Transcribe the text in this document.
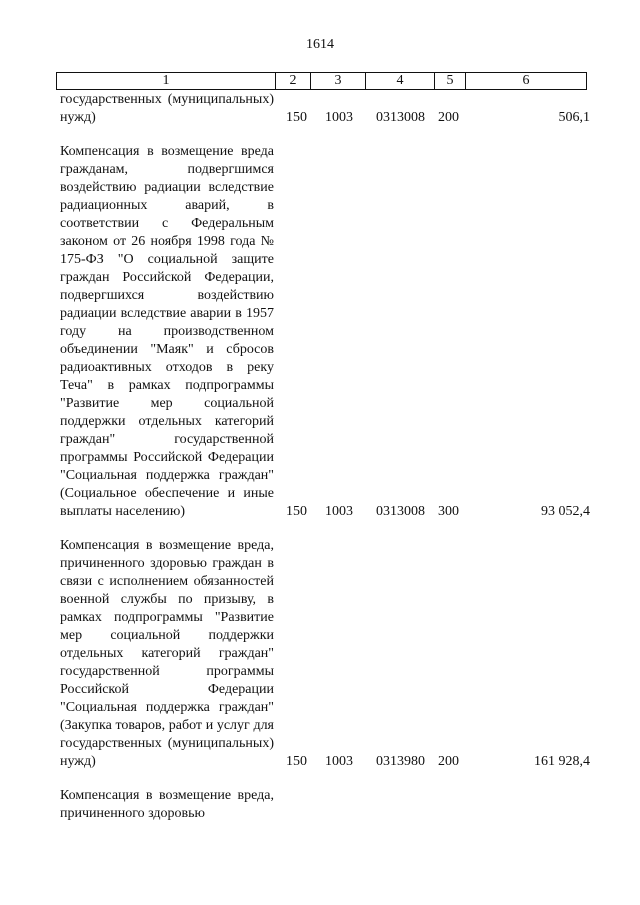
1614
1	2	3	4	5	6
государственных (муниципальных) нужд)	150 1003 0313008 200	506,1
Компенсация в возмещение вреда гражданам, подвергшимся воздействию радиации вследствие радиационных аварий, в соответствии с Федеральным законом от 26 ноября 1998 года № 175-ФЗ "О социальной защите граждан Российской Федерации, подвергшихся воздействию радиации вследствие аварии в 1957 году на производственном объединении "Маяк" и сбросов радиоактивных отходов в реку Теча" в рамках подпрограммы "Развитие мер социальной поддержки отдельных категорий граждан" государственной программы Российской Федерации "Социальная поддержка граждан" (Социальное обеспечение и иные выплаты населению)	150 1003 0313008 300	93 052,4
Компенсация в возмещение вреда, причиненного здоровью граждан в связи с исполнением обязанностей военной службы по призыву, в рамках подпрограммы "Развитие мер социальной поддержки отдельных категорий граждан" государственной программы Российской Федерации "Социальная поддержка граждан" (Закупка товаров, работ и услуг для государственных (муниципальных) нужд)	150 1003 0313980 200	161 928,4
Компенсация в возмещение вреда, причиненного здоровью
